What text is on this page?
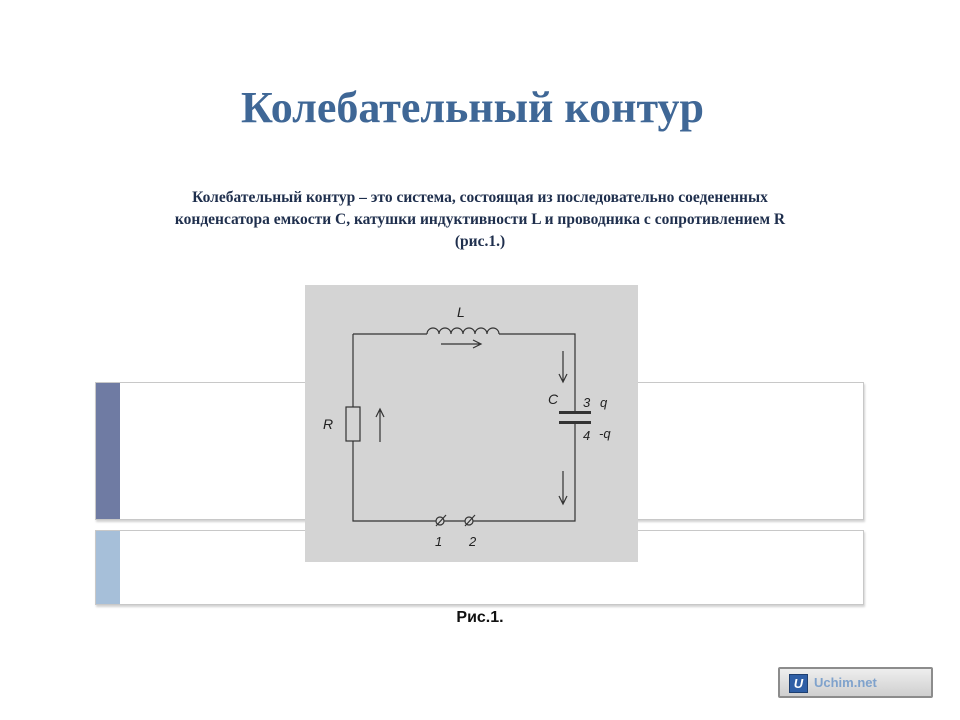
Колебательный контур
Колебательный контур – это система, состоящая из последовательно соедененных
конденсатора емкости С, катушки индуктивности L и проводника с сопротивлением R
(рис.1.)
L
C
R
3 q
4 -q
1 2
Рис.1.
U Uchim.net
